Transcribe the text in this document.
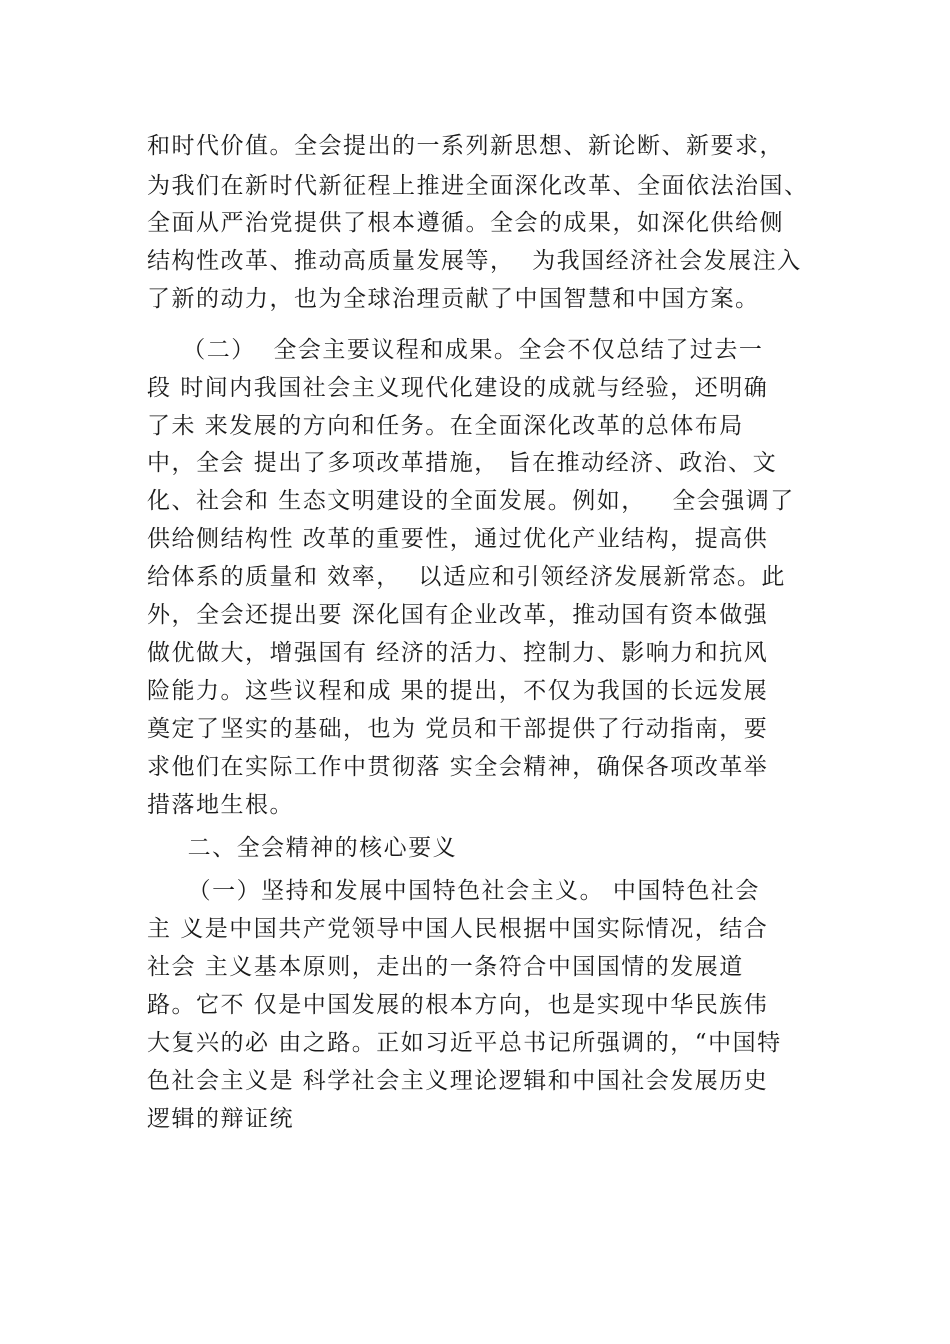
和时代价值。全会提出的一系列新思想、新论断、新要求，
为我们在新时代新征程上推进全面深化改革、全面依法治国、
全面从严治党提供了根本遵循。全会的成果，如深化供给侧
结构性改革、推动高质量发展等，  为我国经济社会发展注入
了新的动力，也为全球治理贡献了中国智慧和中国方案。
（二）  全会主要议程和成果。全会不仅总结了过去一
段 时间内我国社会主义现代化建设的成就与经验，还明确
了未 来发展的方向和任务。在全面深化改革的总体布局
中，全会 提出了多项改革措施， 旨在推动经济、政治、文
化、社会和 生态文明建设的全面发展。例如，   全会强调了
供给侧结构性 改革的重要性，通过优化产业结构，提高供
给体系的质量和 效率，  以适应和引领经济发展新常态。此
外，全会还提出要 深化国有企业改革，推动国有资本做强
做优做大，增强国有 经济的活力、控制力、影响力和抗风
险能力。这些议程和成 果的提出，不仅为我国的长远发展
奠定了坚实的基础，也为 党员和干部提供了行动指南，要
求他们在实际工作中贯彻落 实全会精神，确保各项改革举
措落地生根。
二、全会精神的核心要义
（一）坚持和发展中国特色社会主义。 中国特色社会
主 义是中国共产党领导中国人民根据中国实际情况，结合
社会 主义基本原则，走出的一条符合中国国情的发展道
路。它不 仅是中国发展的根本方向，也是实现中华民族伟
大复兴的必 由之路。正如习近平总书记所强调的，“中国特
色社会主义是 科学社会主义理论逻辑和中国社会发展历史
逻辑的辩证统
